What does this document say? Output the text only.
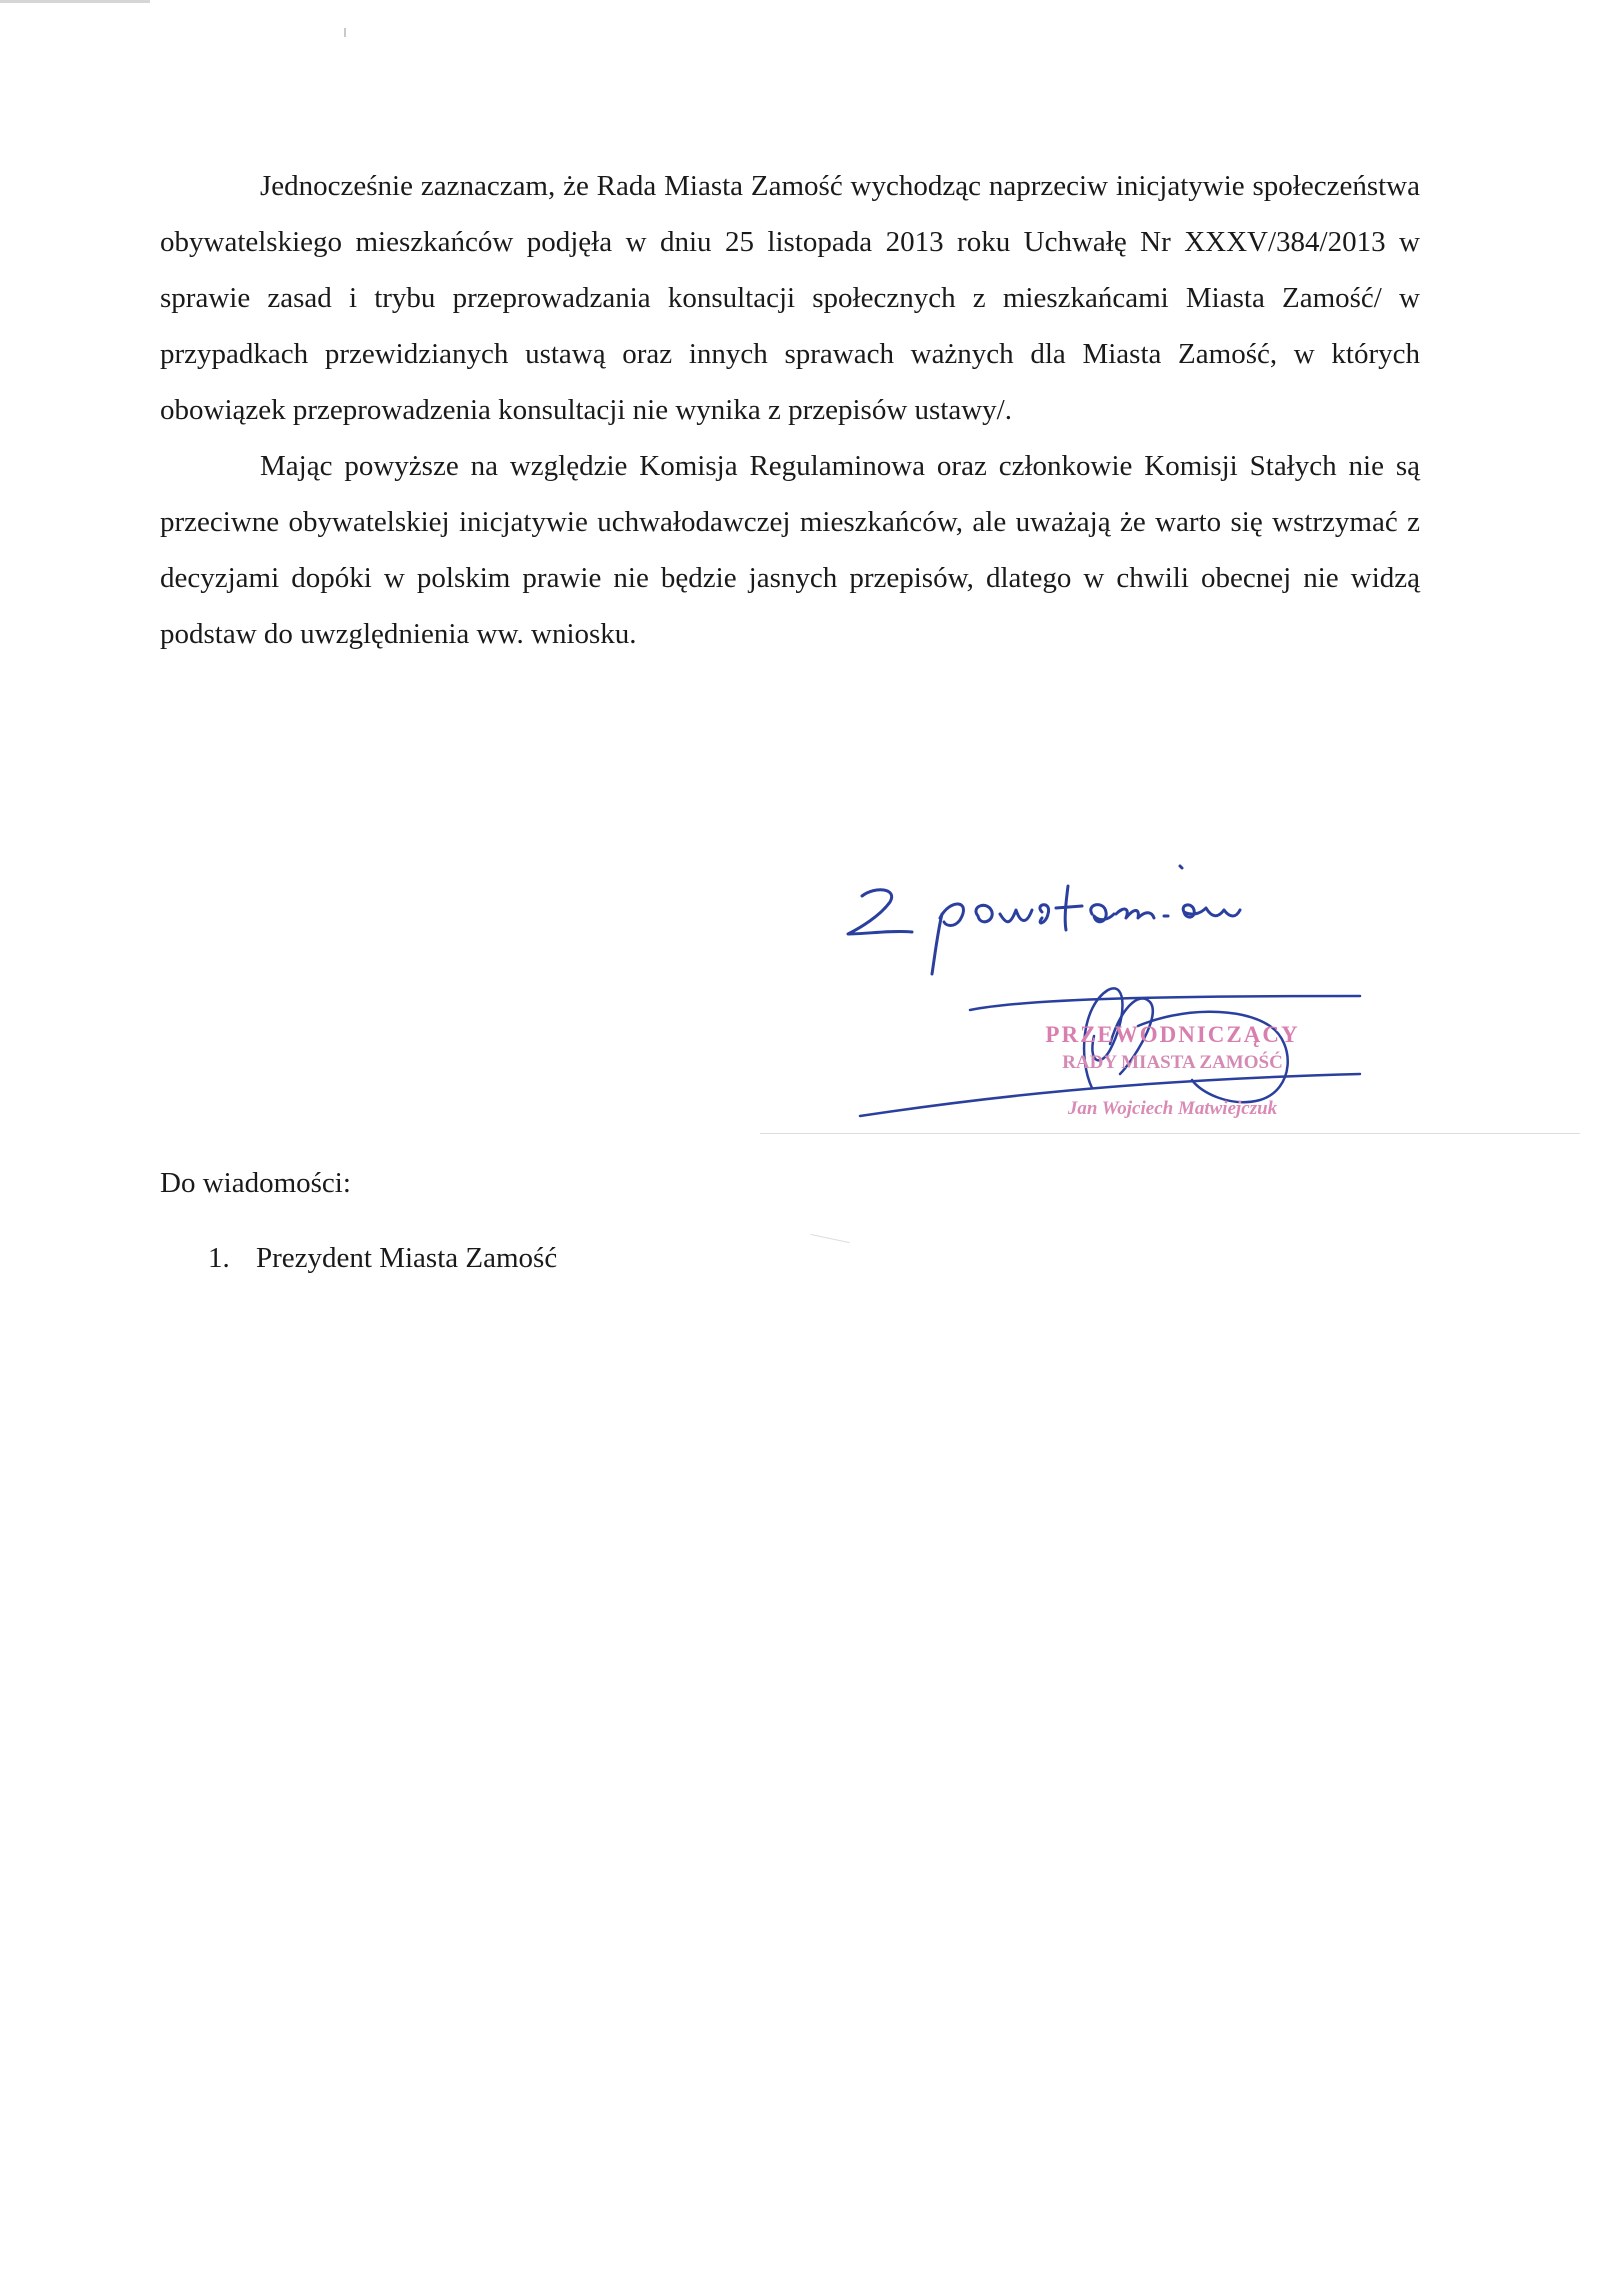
Jednocześnie zaznaczam, że Rada Miasta Zamość wychodząc naprzeciw inicjatywie społeczeństwa obywatelskiego mieszkańców podjęła w dniu 25 listopada 2013 roku Uchwałę Nr XXXV/384/2013 w sprawie zasad i trybu przeprowadzania konsultacji społecznych z mieszkańcami Miasta Zamość/ w przypadkach przewidzianych ustawą oraz innych sprawach ważnych dla Miasta Zamość, w których obowiązek przeprowadzenia konsultacji nie wynika z przepisów ustawy/.

Mając powyższe na względzie Komisja Regulaminowa oraz członkowie Komisji Stałych nie są przeciwne obywatelskiej inicjatywie uchwałodawczej mieszkańców, ale uważają że warto się wstrzymać z decyzjami dopóki w polskim prawie nie będzie jasnych przepisów, dlatego w chwili obecnej nie widzą podstaw do uwzględnienia ww. wniosku.

PRZEWODNICZĄCY
RADY MIASTA ZAMOŚĆ
Jan Wojciech Matwiejczuk
Do wiadomości:
1. Prezydent Miasta Zamość
